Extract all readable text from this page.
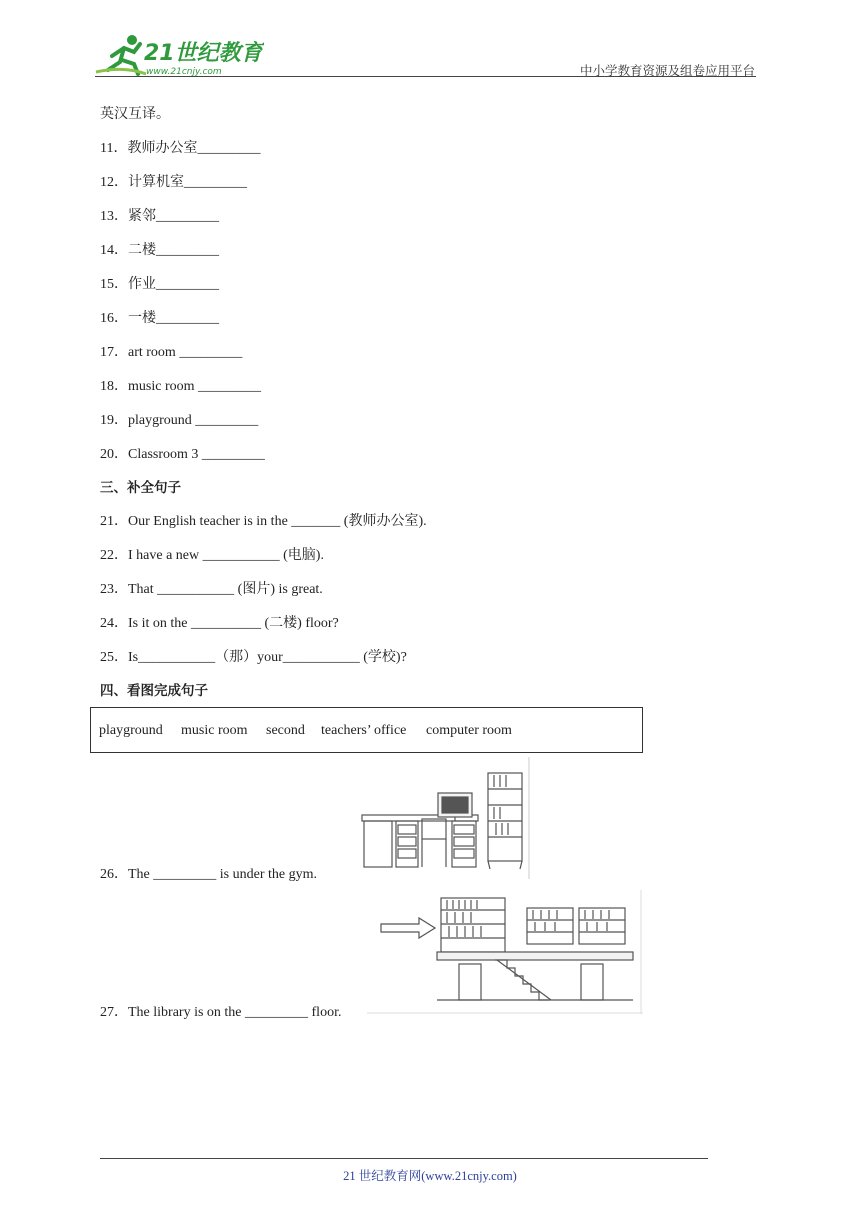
21世纪教育
www.21cnjy.com	中小学教育资源及组卷应用平台
英汉互译。
11．教师办公室_________
12．计算机室_________
13．紧邻_________
14．二楼_________
15．作业_________
16．一楼_________
17．art room _________
18．music room _________
19．playground _________
20．Classroom 3 _________
三、补全句子
21．Our English teacher is in the _______ (教师办公室).
22．I have a new ___________ (电脑).
23．That ___________ (图片) is great.
24．Is it on the __________ (二楼) floor?
25．Is___________（那）your___________ (学校)?
四、看图完成句子
playground music room second teachers’ office computer room
26．The _________ is under the gym.
27．The library is on the _________ floor.
21 世纪教育网(www.21cnjy.com)
